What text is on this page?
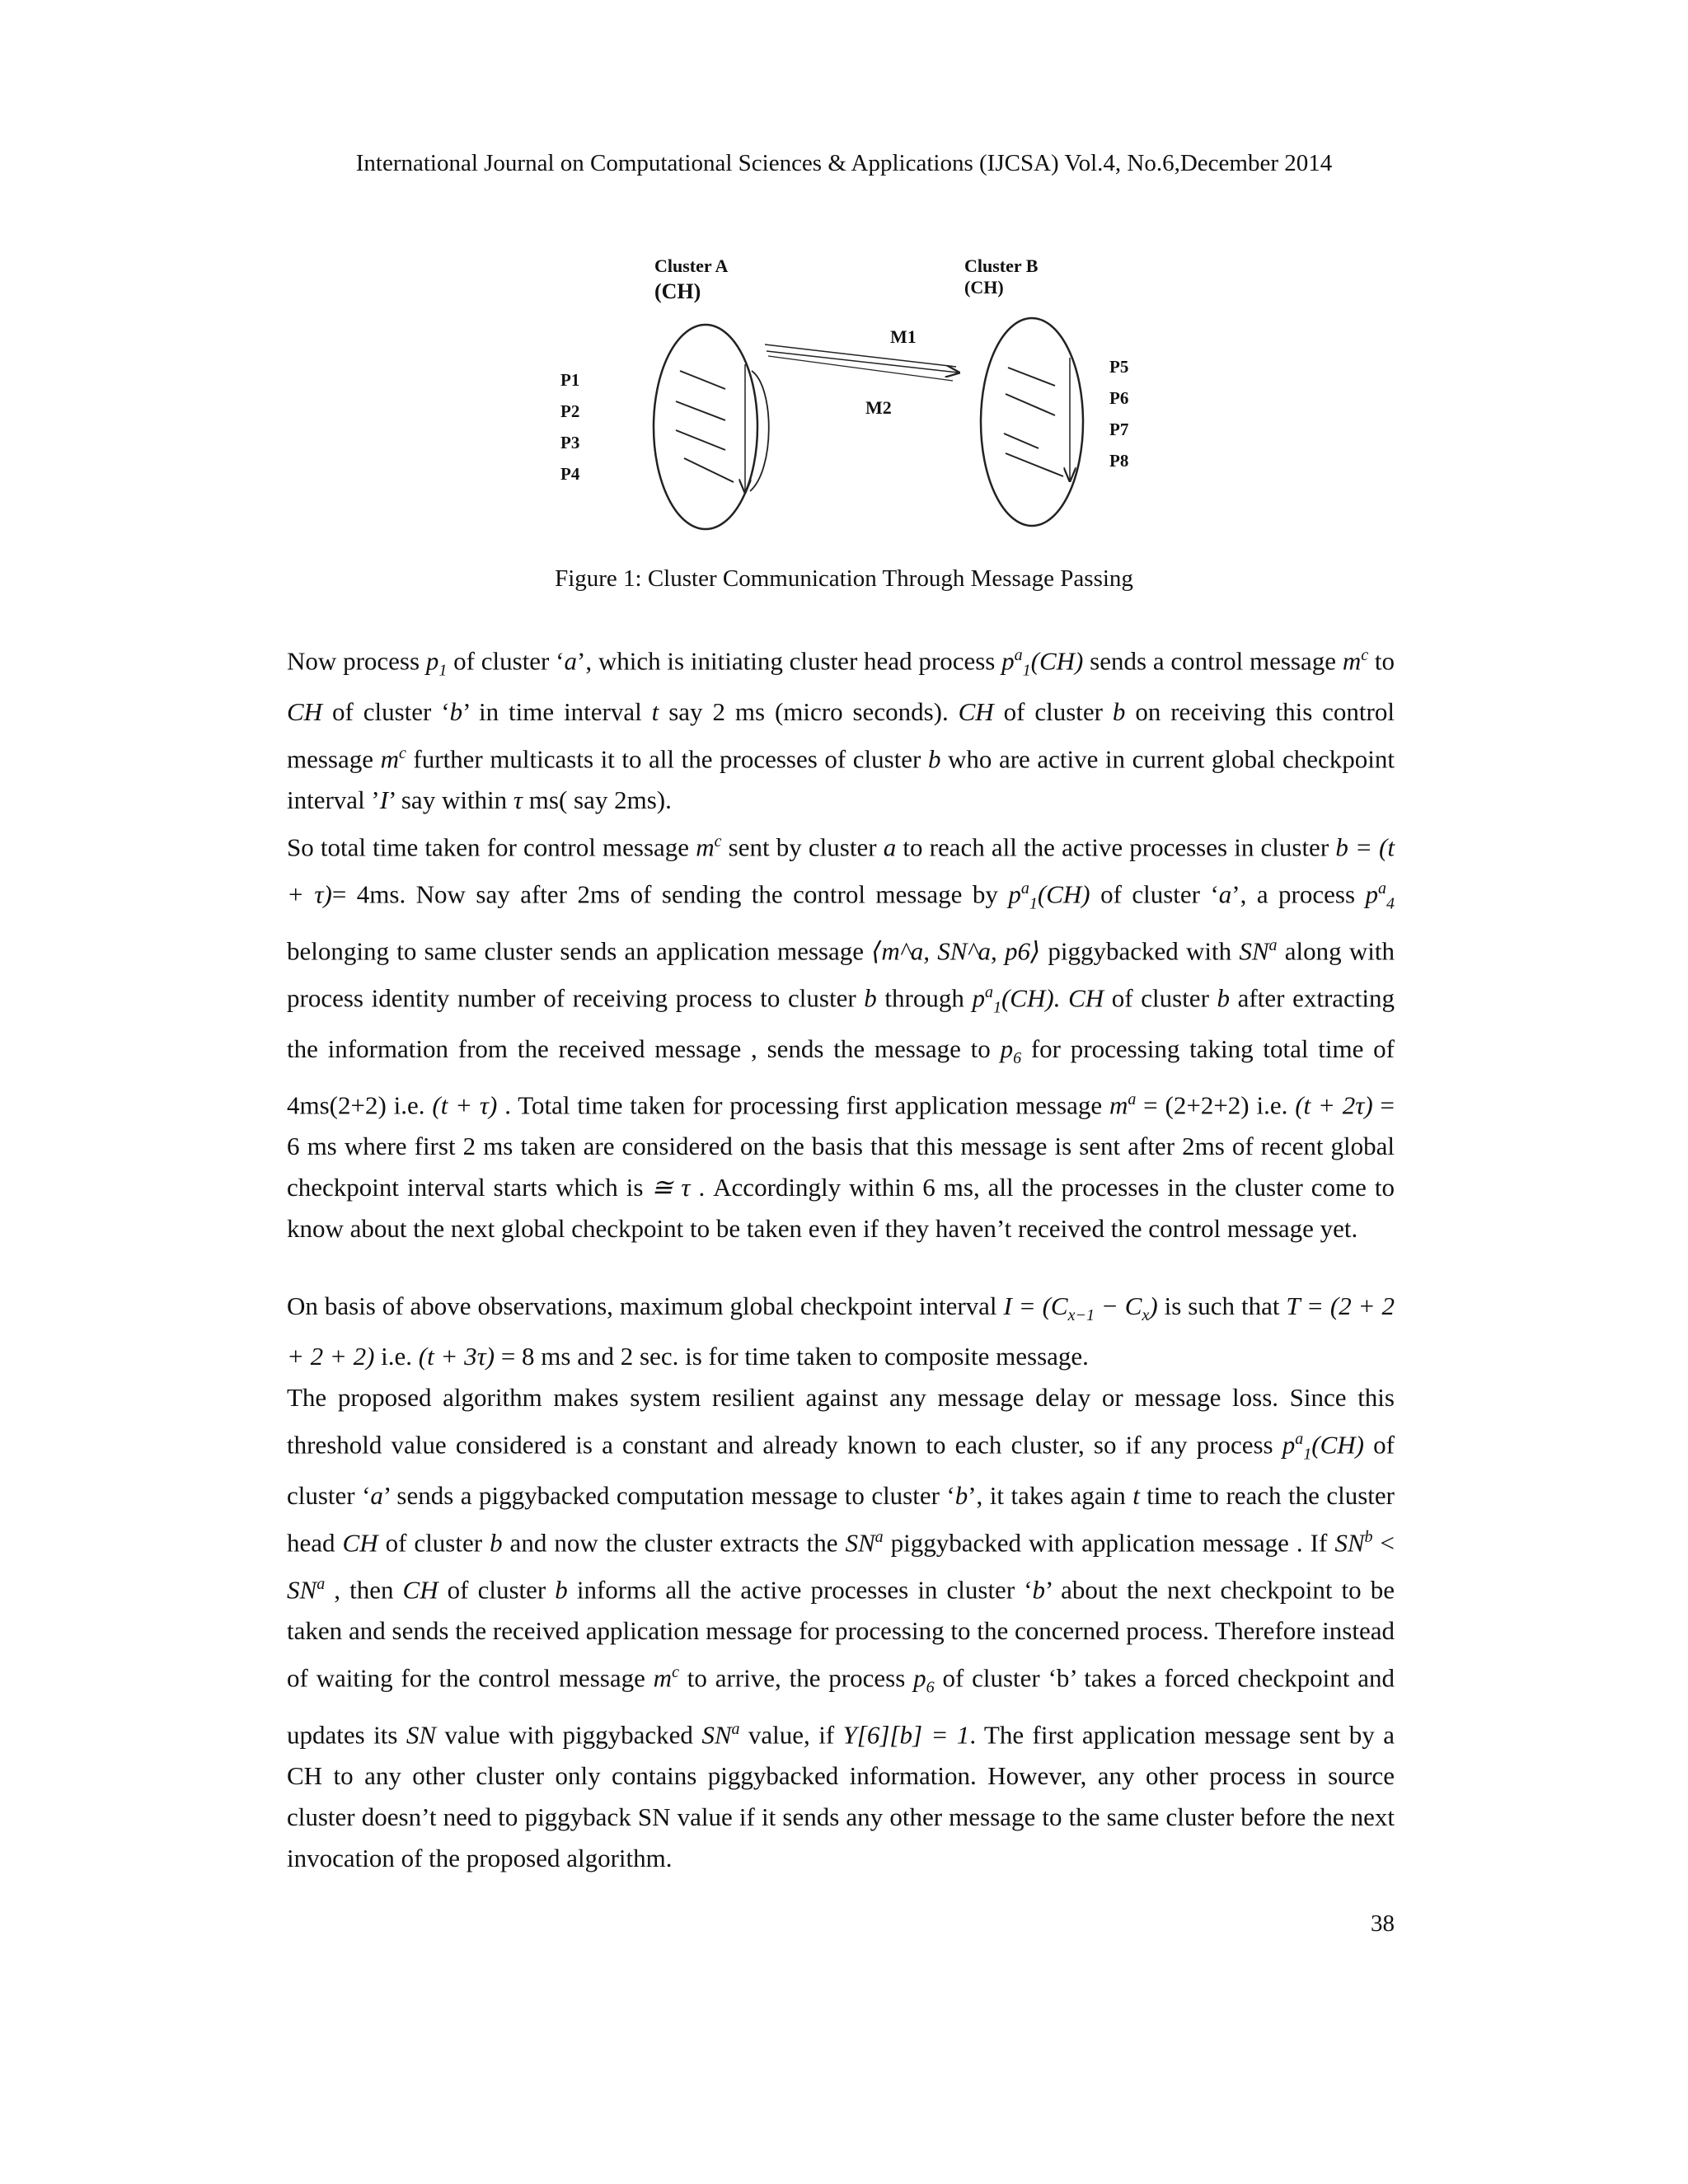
International Journal on Computational Sciences & Applications (IJCSA) Vol.4, No.6,December 2014
Cluster A
(CH)
Cluster B
(CH)
M1
M2
P1
P2
P3
P4
P5
P6
P7
P8
Figure 1: Cluster Communication Through Message Passing

Now process $p_1$ of cluster ‘a’, which is initiating cluster head process $p^a_1(CH)$ sends a control message $m^c$ to CH of cluster ‘b’ in time interval t say 2 ms (micro seconds). CH of cluster b on receiving this control message $m^c$ further multicasts it to all the processes of cluster b who are active in current global checkpoint interval ’I’ say within τ ms( say 2ms).

So total time taken for control message $m^c$ sent by cluster a to reach all the active processes in cluster b = (t + τ)= 4ms. Now say after 2ms of sending the control message by $p^a_1(CH)$ of cluster ‘a’, a process $p^a_4$ belonging to same cluster sends an application message ⟨m^a, SN^a, p6⟩ piggybacked with $SN^a$ along with process identity number of receiving process to cluster b through $p^a_1(CH)$. CH of cluster b after extracting the information from the received message , sends the message to $p_6$ for processing taking total time of 4ms(2+2) i.e. (t + τ) . Total time taken for processing first application message $m^a = (2+2+2)$ i.e. (t + 2τ) = 6 ms where first 2 ms taken are considered on the basis that this message is sent after 2ms of recent global checkpoint interval starts which is ≅ τ . Accordingly within 6 ms, all the processes in the cluster come to know about the next global checkpoint to be taken even if they haven’t received the control message yet.

On basis of above observations, maximum global checkpoint interval $I = (C_{x-1} - C_x)$ is such that T = (2 + 2 + 2 + 2) i.e. (t + 3τ) = 8 ms and 2 sec. is for time taken to composite message.

The proposed algorithm makes system resilient against any message delay or message loss. Since this threshold value considered is a constant and already known to each cluster, so if any process $p^a_1(CH)$ of cluster ‘a’ sends a piggybacked computation message to cluster ‘b’, it takes again t time to reach the cluster head CH of cluster b and now the cluster extracts the $SN^a$ piggybacked with application message . If $SN^b < SN^a$ , then CH of cluster b informs all the active processes in cluster ‘b’ about the next checkpoint to be taken and sends the received application message for processing to the concerned process. Therefore instead of waiting for the control message $m^c$ to arrive, the process $p_6$ of cluster ‘b’ takes a forced checkpoint and updates its SN value with piggybacked $SN^a$ value, if Y[6][b] = 1. The first application message sent by a CH to any other cluster only contains piggybacked information. However, any other process in source cluster doesn’t need to piggyback SN value if it sends any other message to the same cluster before the next invocation of the proposed algorithm.

38
